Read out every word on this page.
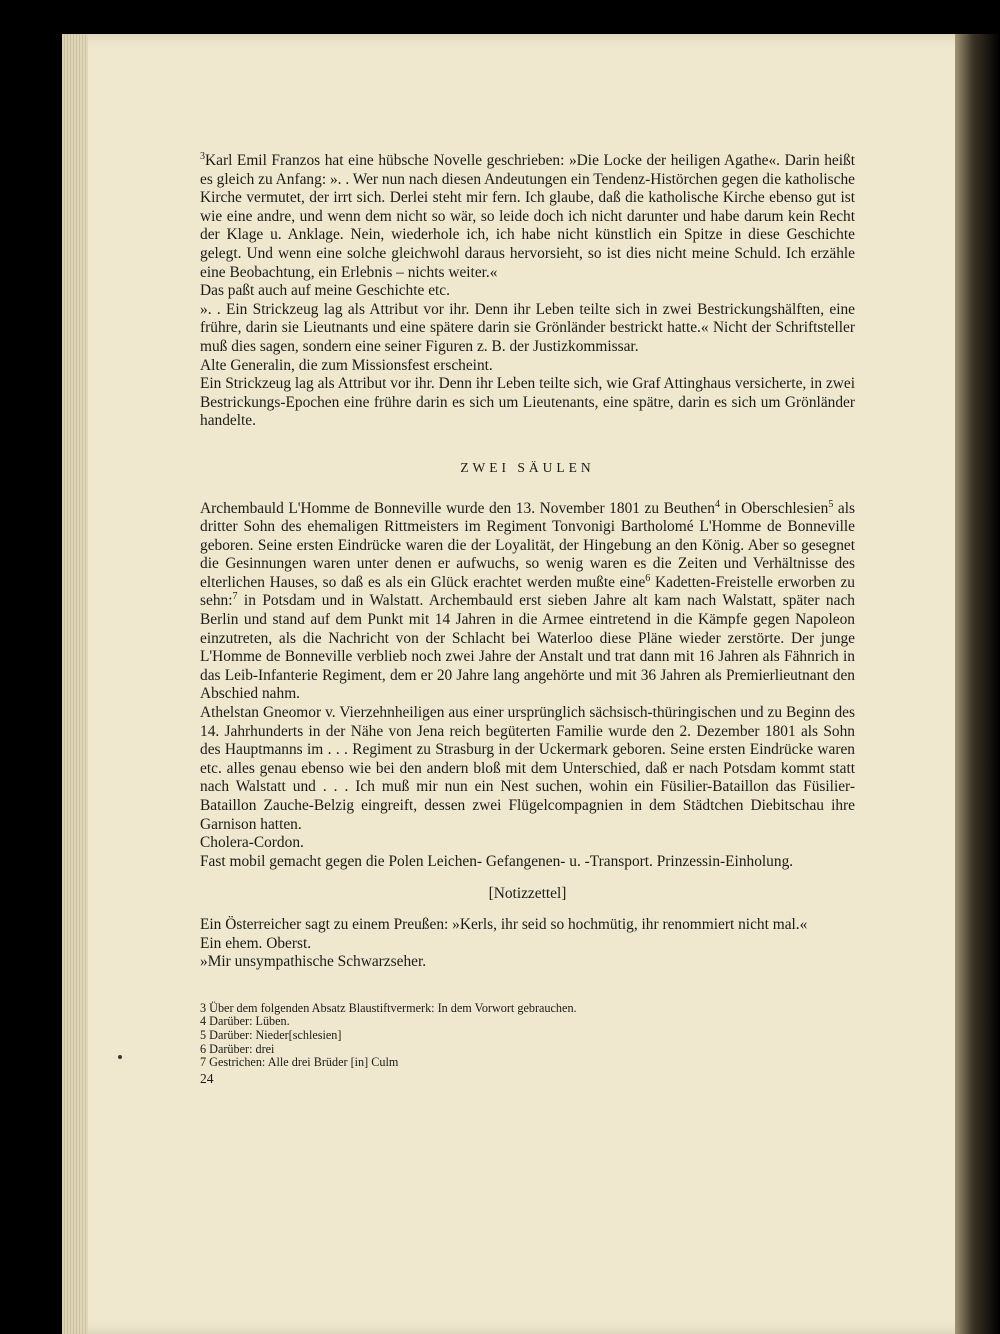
$^3$Karl Emil Franzos hat eine hübsche Novelle geschrieben: »Die Locke der heiligen Agathe«. Darin heißt es gleich zu Anfang: ». . Wer nun nach diesen Andeutungen ein Tendenz-Histörchen gegen die katholische Kirche vermutet, der irrt sich. Derlei steht mir fern. Ich glaube, daß die katholische Kirche ebenso gut ist wie eine andre, und wenn dem nicht so wär, so leide doch ich nicht darunter und habe darum kein Recht der Klage u. Anklage. Nein, wiederhole ich, ich habe nicht künstlich ein Spitze in diese Geschichte gelegt. Und wenn eine solche gleichwohl daraus hervorsieht, so ist dies nicht meine Schuld. Ich erzähle eine Beobachtung, ein Erlebnis – nichts weiter.«

Das paßt auch auf meine Geschichte etc.

». . Ein Strickzeug lag als Attribut vor ihr. Denn ihr Leben teilte sich in zwei Bestrickungshälften, eine frühre, darin sie Lieutnants und eine spätere darin sie Grönländer bestrickt hatte.« Nicht der Schriftsteller muß dies sagen, sondern eine seiner Figuren z. B. der Justizkommissar.

Alte Generalin, die zum Missionsfest erscheint.

Ein Strickzeug lag als Attribut vor ihr. Denn ihr Leben teilte sich, wie Graf Attinghaus versicherte, in zwei Bestrickungs-Epochen eine frühre darin es sich um Lieutenants, eine spätre, darin es sich um Grönländer handelte.

ZWEI SÄULEN

Archembauld L'Homme de Bonneville wurde den 13. November 1801 zu Beuthen$^4$ in Oberschlesien$^5$ als dritter Sohn des ehemaligen Rittmeisters im Regiment Tonvonigi Bartholomé L'Homme de Bonneville geboren. Seine ersten Eindrücke waren die der Loyalität, der Hingebung an den König. Aber so gesegnet die Gesinnungen waren unter denen er aufwuchs, so wenig waren es die Zeiten und Verhältnisse des elterlichen Hauses, so daß es als ein Glück erachtet werden mußte eine$^6$ Kadetten-Freistelle erworben zu sehn:$^7$ in Potsdam und in Walstatt. Archembauld erst sieben Jahre alt kam nach Walstatt, später nach Berlin und stand auf dem Punkt mit 14 Jahren in die Armee eintretend in die Kämpfe gegen Napoleon einzutreten, als die Nachricht von der Schlacht bei Waterloo diese Pläne wieder zerstörte. Der junge L'Homme de Bonneville verblieb noch zwei Jahre der Anstalt und trat dann mit 16 Jahren als Fähnrich in das Leib-Infanterie Regiment, dem er 20 Jahre lang angehörte und mit 36 Jahren als Premierlieutnant den Abschied nahm.

Athelstan Gneomor v. Vierzehnheiligen aus einer ursprünglich sächsisch-thüringischen und zu Beginn des 14. Jahrhunderts in der Nähe von Jena reich begüterten Familie wurde den 2. Dezember 1801 als Sohn des Hauptmanns im . . . Regiment zu Strasburg in der Uckermark geboren. Seine ersten Eindrücke waren etc. alles genau ebenso wie bei den andern bloß mit dem Unterschied, daß er nach Potsdam kommt statt nach Walstatt und . . . Ich muß mir nun ein Nest suchen, wohin ein Füsilier-Bataillon das Füsilier-Bataillon Zauche-Belzig eingreift, dessen zwei Flügelcompagnien in dem Städtchen Diebitschau ihre Garnison hatten.

Cholera-Cordon.

Fast mobil gemacht gegen die Polen Leichen- Gefangenen- u. -Transport. Prinzessin-Einholung.

[Notizzettel]

Ein Österreicher sagt zu einem Preußen: »Kerls, ihr seid so hochmütig, ihr renommiert nicht mal.«

Ein ehem. Oberst.

»Mir unsympathische Schwarzseher.

3 Über dem folgenden Absatz Blaustiftvermerk: In dem Vorwort gebrauchen.

4 Darüber: Lüben.

5 Darüber: Nieder[schlesien]

6 Darüber: drei

7 Gestrichen: Alle drei Brüder [in] Culm

24
